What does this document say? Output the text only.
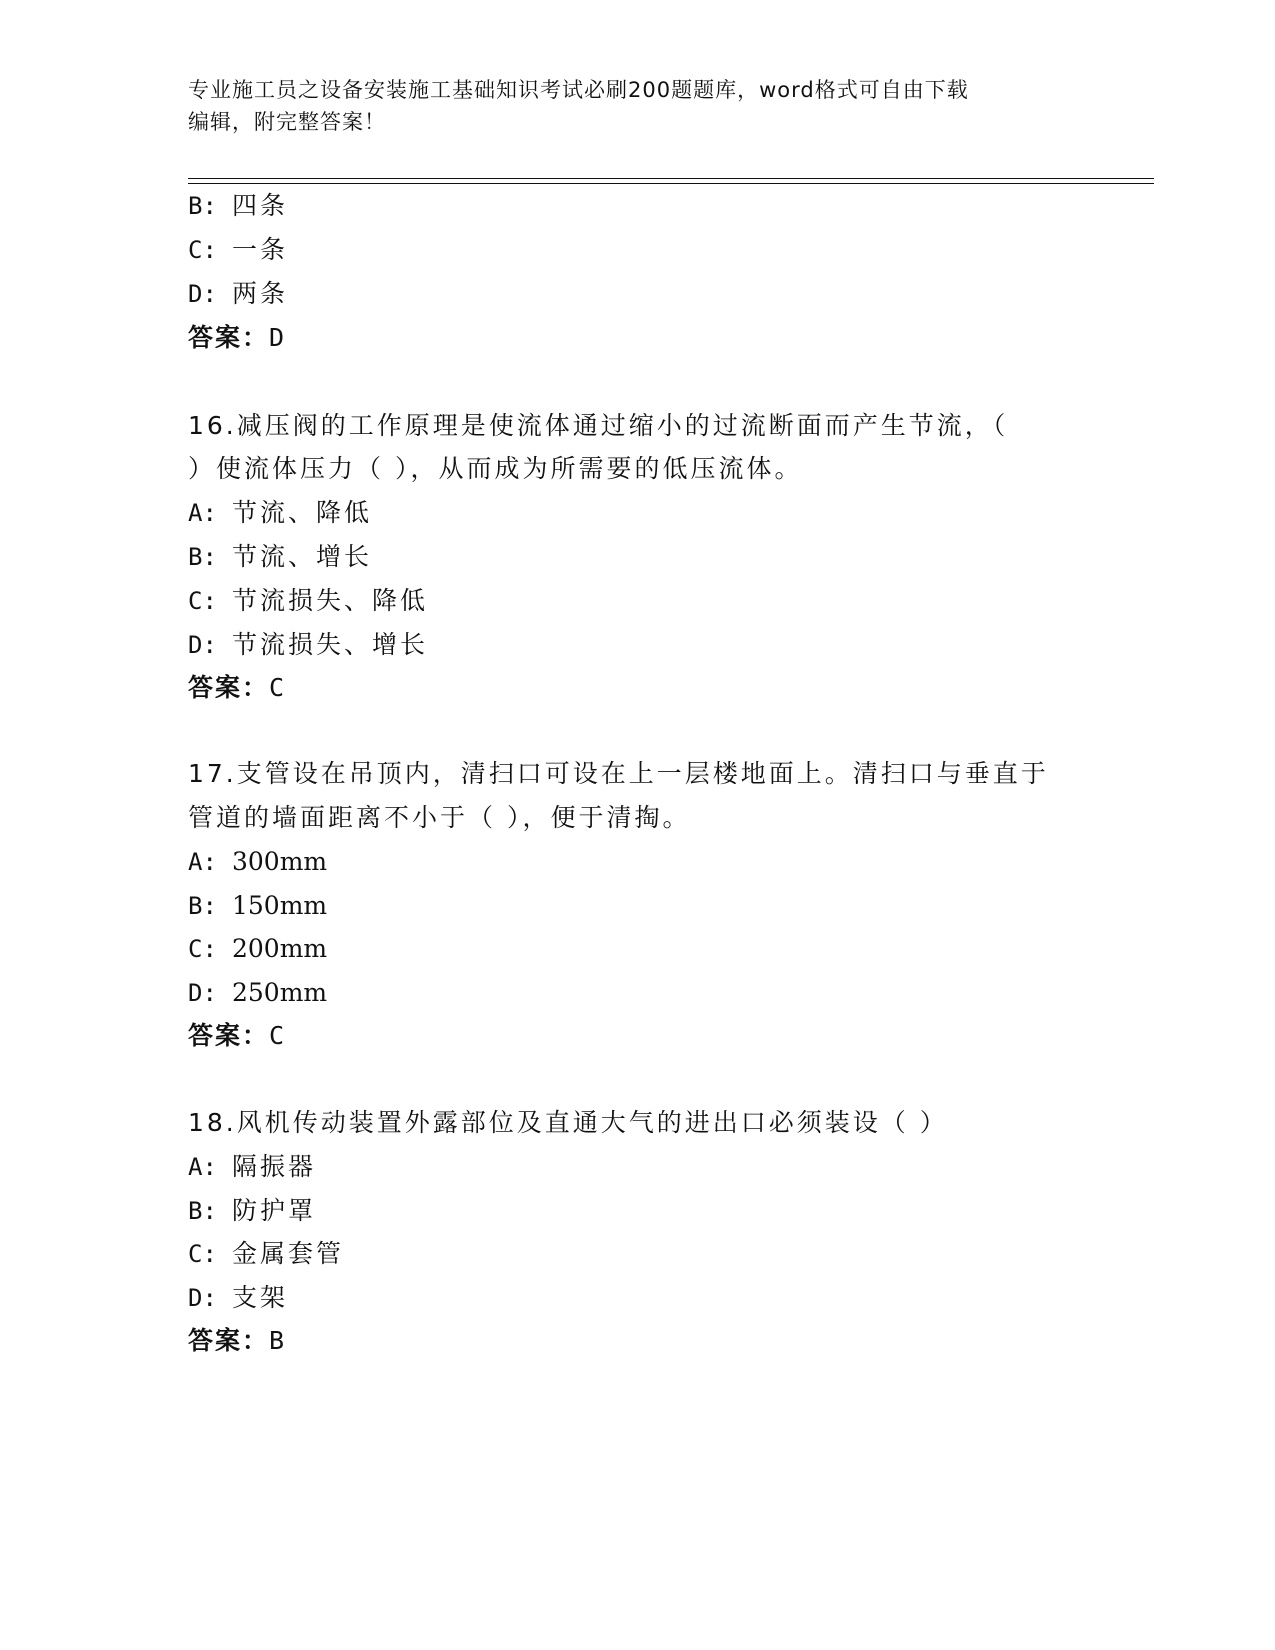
专业施工员之设备安装施工基础知识考试必刷200题题库，word格式可自由下载
编辑，附完整答案！
B: 四条
C: 一条
D: 两条
答案：D
16.减压阀的工作原理是使流体通过缩小的过流断面而产生节流，（
）使流体压力（ ），从而成为所需要的低压流体。
A: 节流、降低
B: 节流、增长
C: 节流损失、降低
D: 节流损失、增长
答案：C
17.支管设在吊顶内，清扫口可设在上一层楼地面上。清扫口与垂直于
管道的墙面距离不小于（ ），便于清掏。
A: 300mm
B: 150mm
C: 200mm
D: 250mm
答案：C
18.风机传动装置外露部位及直通大气的进出口必须装设（ ）
A: 隔振器
B: 防护罩
C: 金属套管
D: 支架
答案：B
